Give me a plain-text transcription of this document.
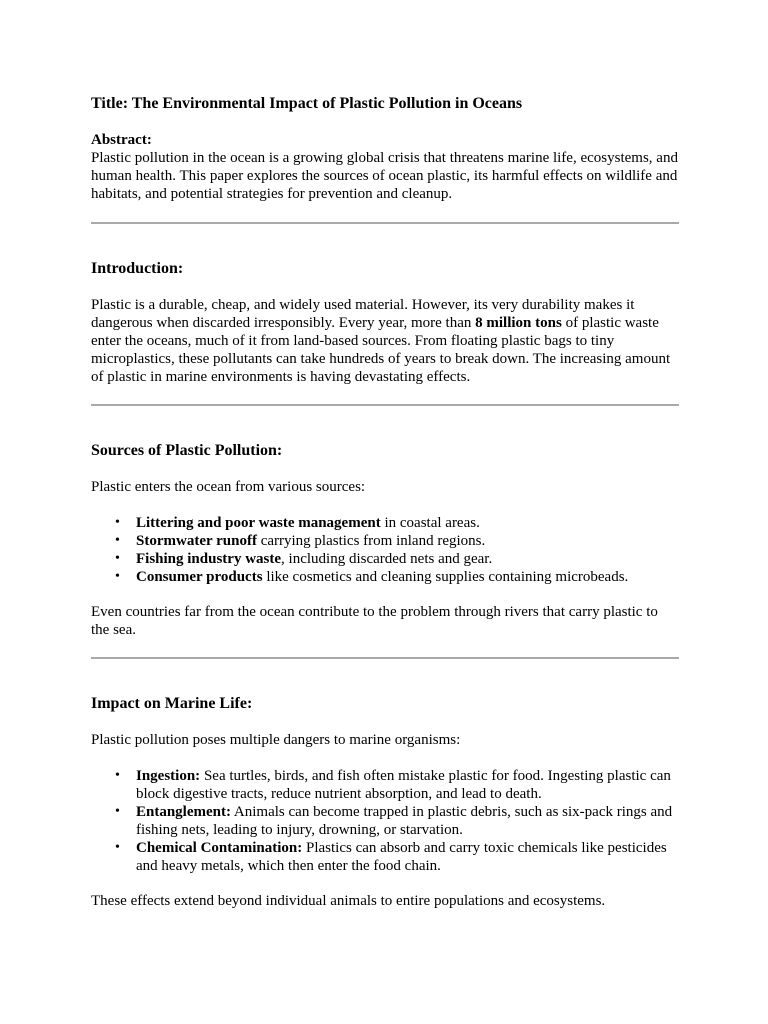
Title: The Environmental Impact of Plastic Pollution in Oceans
Abstract:

Plastic pollution in the ocean is a growing global crisis that threatens marine life, ecosystems, and human health. This paper explores the sources of ocean plastic, its harmful effects on wildlife and habitats, and potential strategies for prevention and cleanup.

Introduction:

Plastic is a durable, cheap, and widely used material. However, its very durability makes it dangerous when discarded irresponsibly. Every year, more than 8 million tons of plastic waste enter the oceans, much of it from land-based sources. From floating plastic bags to tiny microplastics, these pollutants can take hundreds of years to break down. The increasing amount of plastic in marine environments is having devastating effects.

Sources of Plastic Pollution:

Plastic enters the ocean from various sources:

• Littering and poor waste management in coastal areas.
• Stormwater runoff carrying plastics from inland regions.
• Fishing industry waste, including discarded nets and gear.
• Consumer products like cosmetics and cleaning supplies containing microbeads.

Even countries far from the ocean contribute to the problem through rivers that carry plastic to the sea.

Impact on Marine Life:

Plastic pollution poses multiple dangers to marine organisms:

• Ingestion: Sea turtles, birds, and fish often mistake plastic for food. Ingesting plastic can block digestive tracts, reduce nutrient absorption, and lead to death.
• Entanglement: Animals can become trapped in plastic debris, such as six-pack rings and fishing nets, leading to injury, drowning, or starvation.
• Chemical Contamination: Plastics can absorb and carry toxic chemicals like pesticides and heavy metals, which then enter the food chain.

These effects extend beyond individual animals to entire populations and ecosystems.
